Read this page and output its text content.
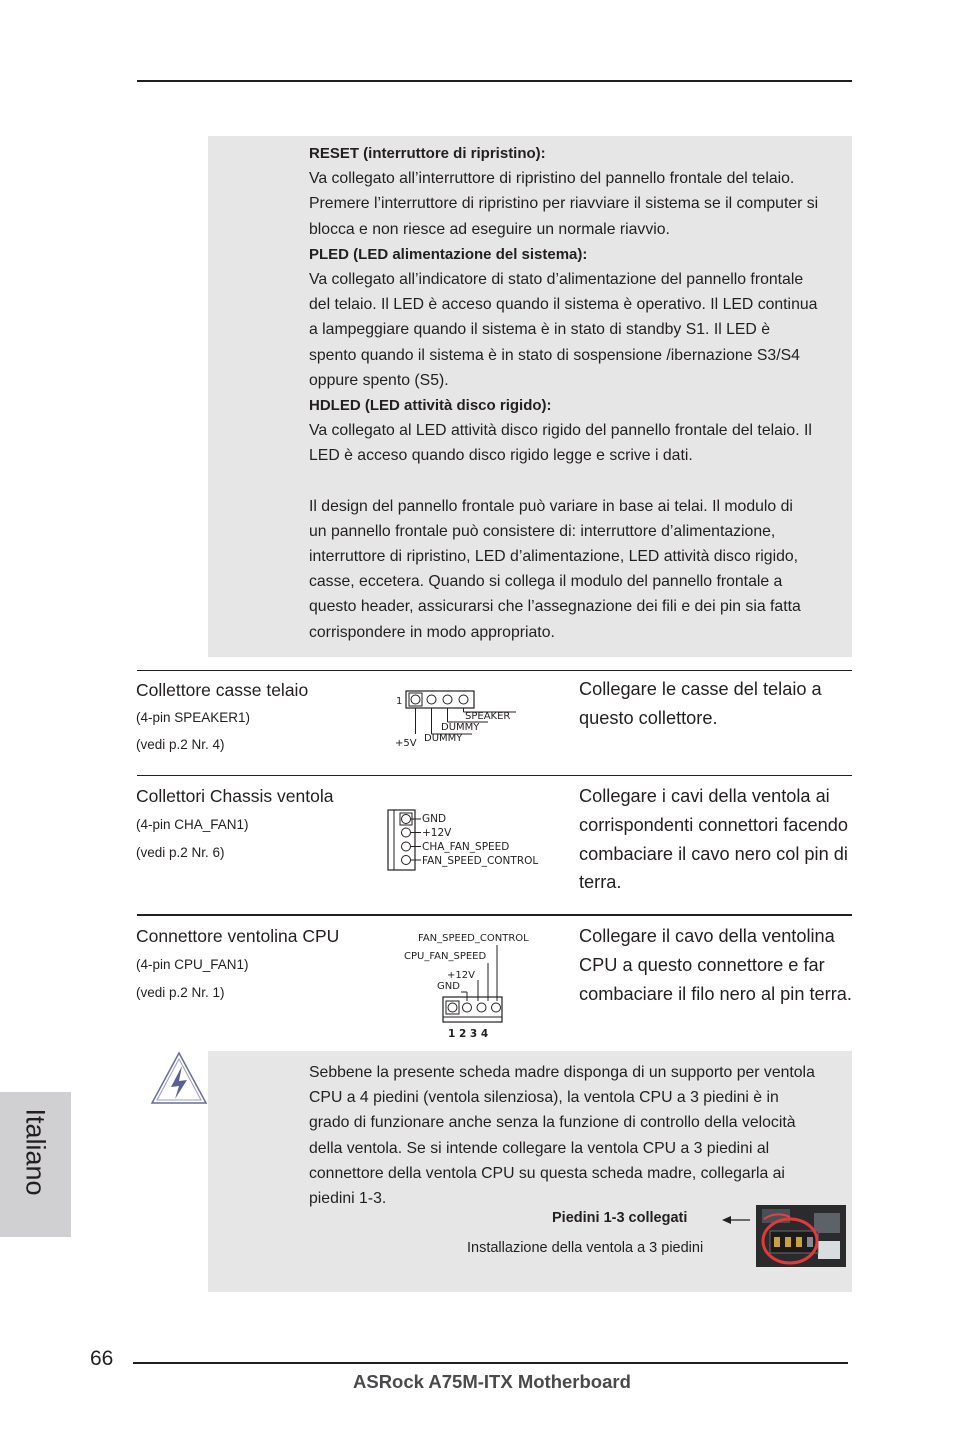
RESET (interruttore di ripristino):

Va collegato all’interruttore di ripristino del pannello frontale del telaio.

Premere l’interruttore di ripristino per riavviare il sistema se il computer si

blocca e non riesce ad eseguire un normale riavvio.

PLED (LED alimentazione del sistema):

Va collegato all’indicatore di stato d’alimentazione del pannello frontale

del telaio. Il LED è acceso quando il sistema è operativo. Il LED continua

a lampeggiare quando il sistema è in stato di standby S1. Il LED è

spento quando il sistema è in stato di sospensione /ibernazione S3/S4

oppure spento (S5).

HDLED (LED attività disco rigido):

Va collegato al LED attività disco rigido del pannello frontale del telaio. Il

LED è acceso quando disco rigido legge e scrive i dati.

Il design del pannello frontale può variare in base ai telai. Il modulo di

un pannello frontale può consistere di: interruttore d’alimentazione,

interruttore di ripristino, LED d’alimentazione, LED attività disco rigido,

casse, eccetera. Quando si collega il modulo del pannello frontale a

questo header, assicurarsi che l’assegnazione dei fili e dei pin sia fatta

corrispondere in modo appropriato.

Collettore casse telaio
(4-pin SPEAKER1)
(vedi p.2 Nr. 4)
Collegare le casse del telaio a questo collettore.
1
SPEAKER
DUMMY
+5V DUMMY
Collettori Chassis ventola
(4-pin CHA_FAN1)
(vedi p.2 Nr. 6)
Collegare i cavi della ventola ai corrispondenti connettori facendo combaciare il cavo nero col pin di terra.
GND
+12V
CHA_FAN_SPEED
FAN_SPEED_CONTROL
Connettore ventolina CPU
(4-pin CPU_FAN1)
(vedi p.2 Nr. 1)
Collegare il cavo della ventolina CPU a questo connettore e far combaciare il filo nero al pin terra.
FAN_SPEED_CONTROL
CPU_FAN_SPEED
+12V
GND
1 2 3 4

Sebbene la presente scheda madre disponga di un supporto per ventola

CPU a 4 piedini (ventola silenziosa), la ventola CPU a 3 piedini è in

grado di funzionare anche senza la funzione di controllo della velocità

della ventola. Se si intende collegare la ventola CPU a 3 piedini al

connettore della ventola CPU su questa scheda madre, collegarla ai

piedini 1-3.

Piedini 1-3 collegati
Installazione della ventola a 3 piedini
Italiano
66
ASRock A75M-ITX Motherboard
